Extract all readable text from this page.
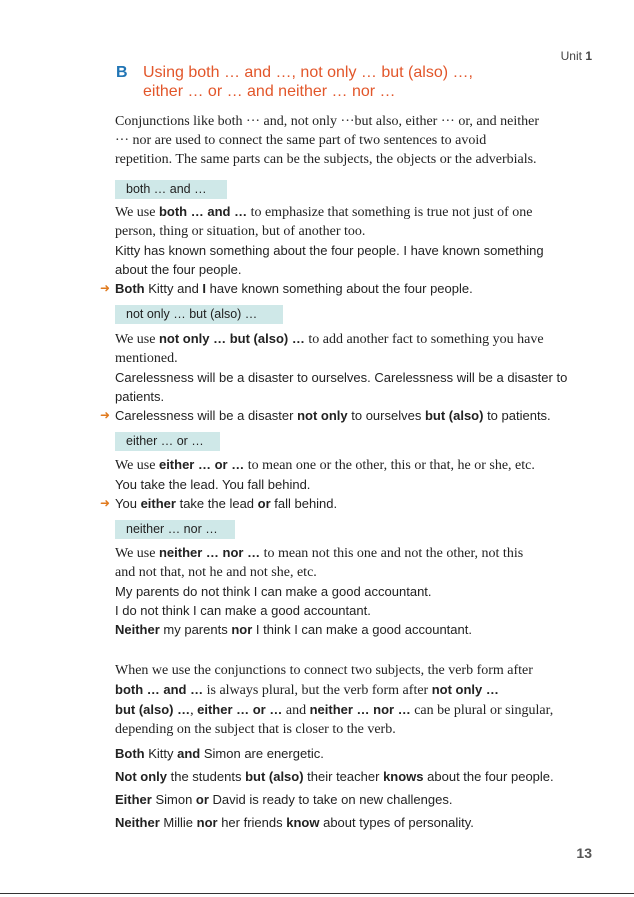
Unit 1
B Using both … and …, not only … but (also) …,
either … or … and neither … nor …
Conjunctions like both ··· and, not only ···but also, either ··· or, and neither
··· nor are used to connect the same part of two sentences to avoid
repetition. The same parts can be the subjects, the objects or the adverbials.
both … and …
We use both … and … to emphasize that something is true not just of one
person, thing or situation, but of another too.
Kitty has known something about the four people. I have known something
about the four people.
➜ Both Kitty and I have known something about the four people.
not only … but (also) …
We use not only … but (also) … to add another fact to something you have
mentioned.
Carelessness will be a disaster to ourselves. Carelessness will be a disaster to
patients.
➜ Carelessness will be a disaster not only to ourselves but (also) to patients.
either … or …
We use either … or … to mean one or the other, this or that, he or she, etc.
You take the lead. You fall behind.
➜ You either take the lead or fall behind.
neither … nor …
We use neither … nor … to mean not this one and not the other, not this
and not that, not he and not she, etc.
My parents do not think I can make a good accountant.
I do not think I can make a good accountant.
Neither my parents nor I think I can make a good accountant.
When we use the conjunctions to connect two subjects, the verb form after
both … and … is always plural, but the verb form after not only …
but (also) …, either … or … and neither … nor … can be plural or singular,
depending on the subject that is closer to the verb.
Both Kitty and Simon are energetic.
Not only the students but (also) their teacher knows about the four people.
Either Simon or David is ready to take on new challenges.
Neither Millie nor her friends know about types of personality.
13
